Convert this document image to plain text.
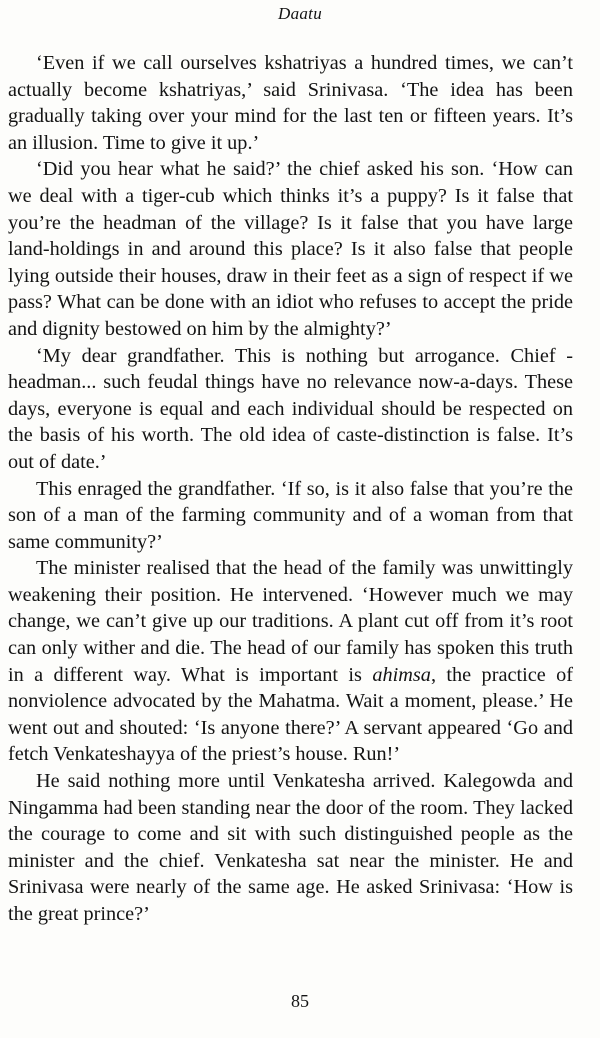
Daatu

‘Even if we call ourselves kshatriyas a hundred times, we can’t actually become kshatriyas,’ said Srinivasa. ‘The idea has been gradually taking over your mind for the last ten or fifteen years. It’s an illusion. Time to give it up.’

‘Did you hear what he said?’ the chief asked his son. ‘How can we deal with a tiger-cub which thinks it’s a puppy? Is it false that you’re the headman of the village? Is it false that you have large land-holdings in and around this place? Is it also false that people lying outside their houses, draw in their feet as a sign of respect if we pass? What can be done with an idiot who refuses to accept the pride and dignity bestowed on him by the almighty?’

‘My dear grandfather. This is nothing but arrogance. Chief - headman... such feudal things have no relevance now-a-days. These days, everyone is equal and each individual should be respected on the basis of his worth. The old idea of caste-distinction is false. It’s out of date.’

This enraged the grandfather. ‘If so, is it also false that you’re the son of a man of the farming community and of a woman from that same community?’

The minister realised that the head of the family was unwittingly weakening their position. He intervened. ‘However much we may change, we can’t give up our traditions. A plant cut off from it’s root can only wither and die. The head of our family has spoken this truth in a different way. What is important is ahimsa, the practice of nonviolence advocated by the Mahatma. Wait a moment, please.’ He went out and shouted: ‘Is anyone there?’ A servant appeared ‘Go and fetch Venkateshayya of the priest’s house. Run!’

He said nothing more until Venkatesha arrived. Kalegowda and Ningamma had been standing near the door of the room. They lacked the courage to come and sit with such distinguished people as the minister and the chief. Venkatesha sat near the minister. He and Srinivasa were nearly of the same age. He asked Srinivasa: ‘How is the great prince?’

85
